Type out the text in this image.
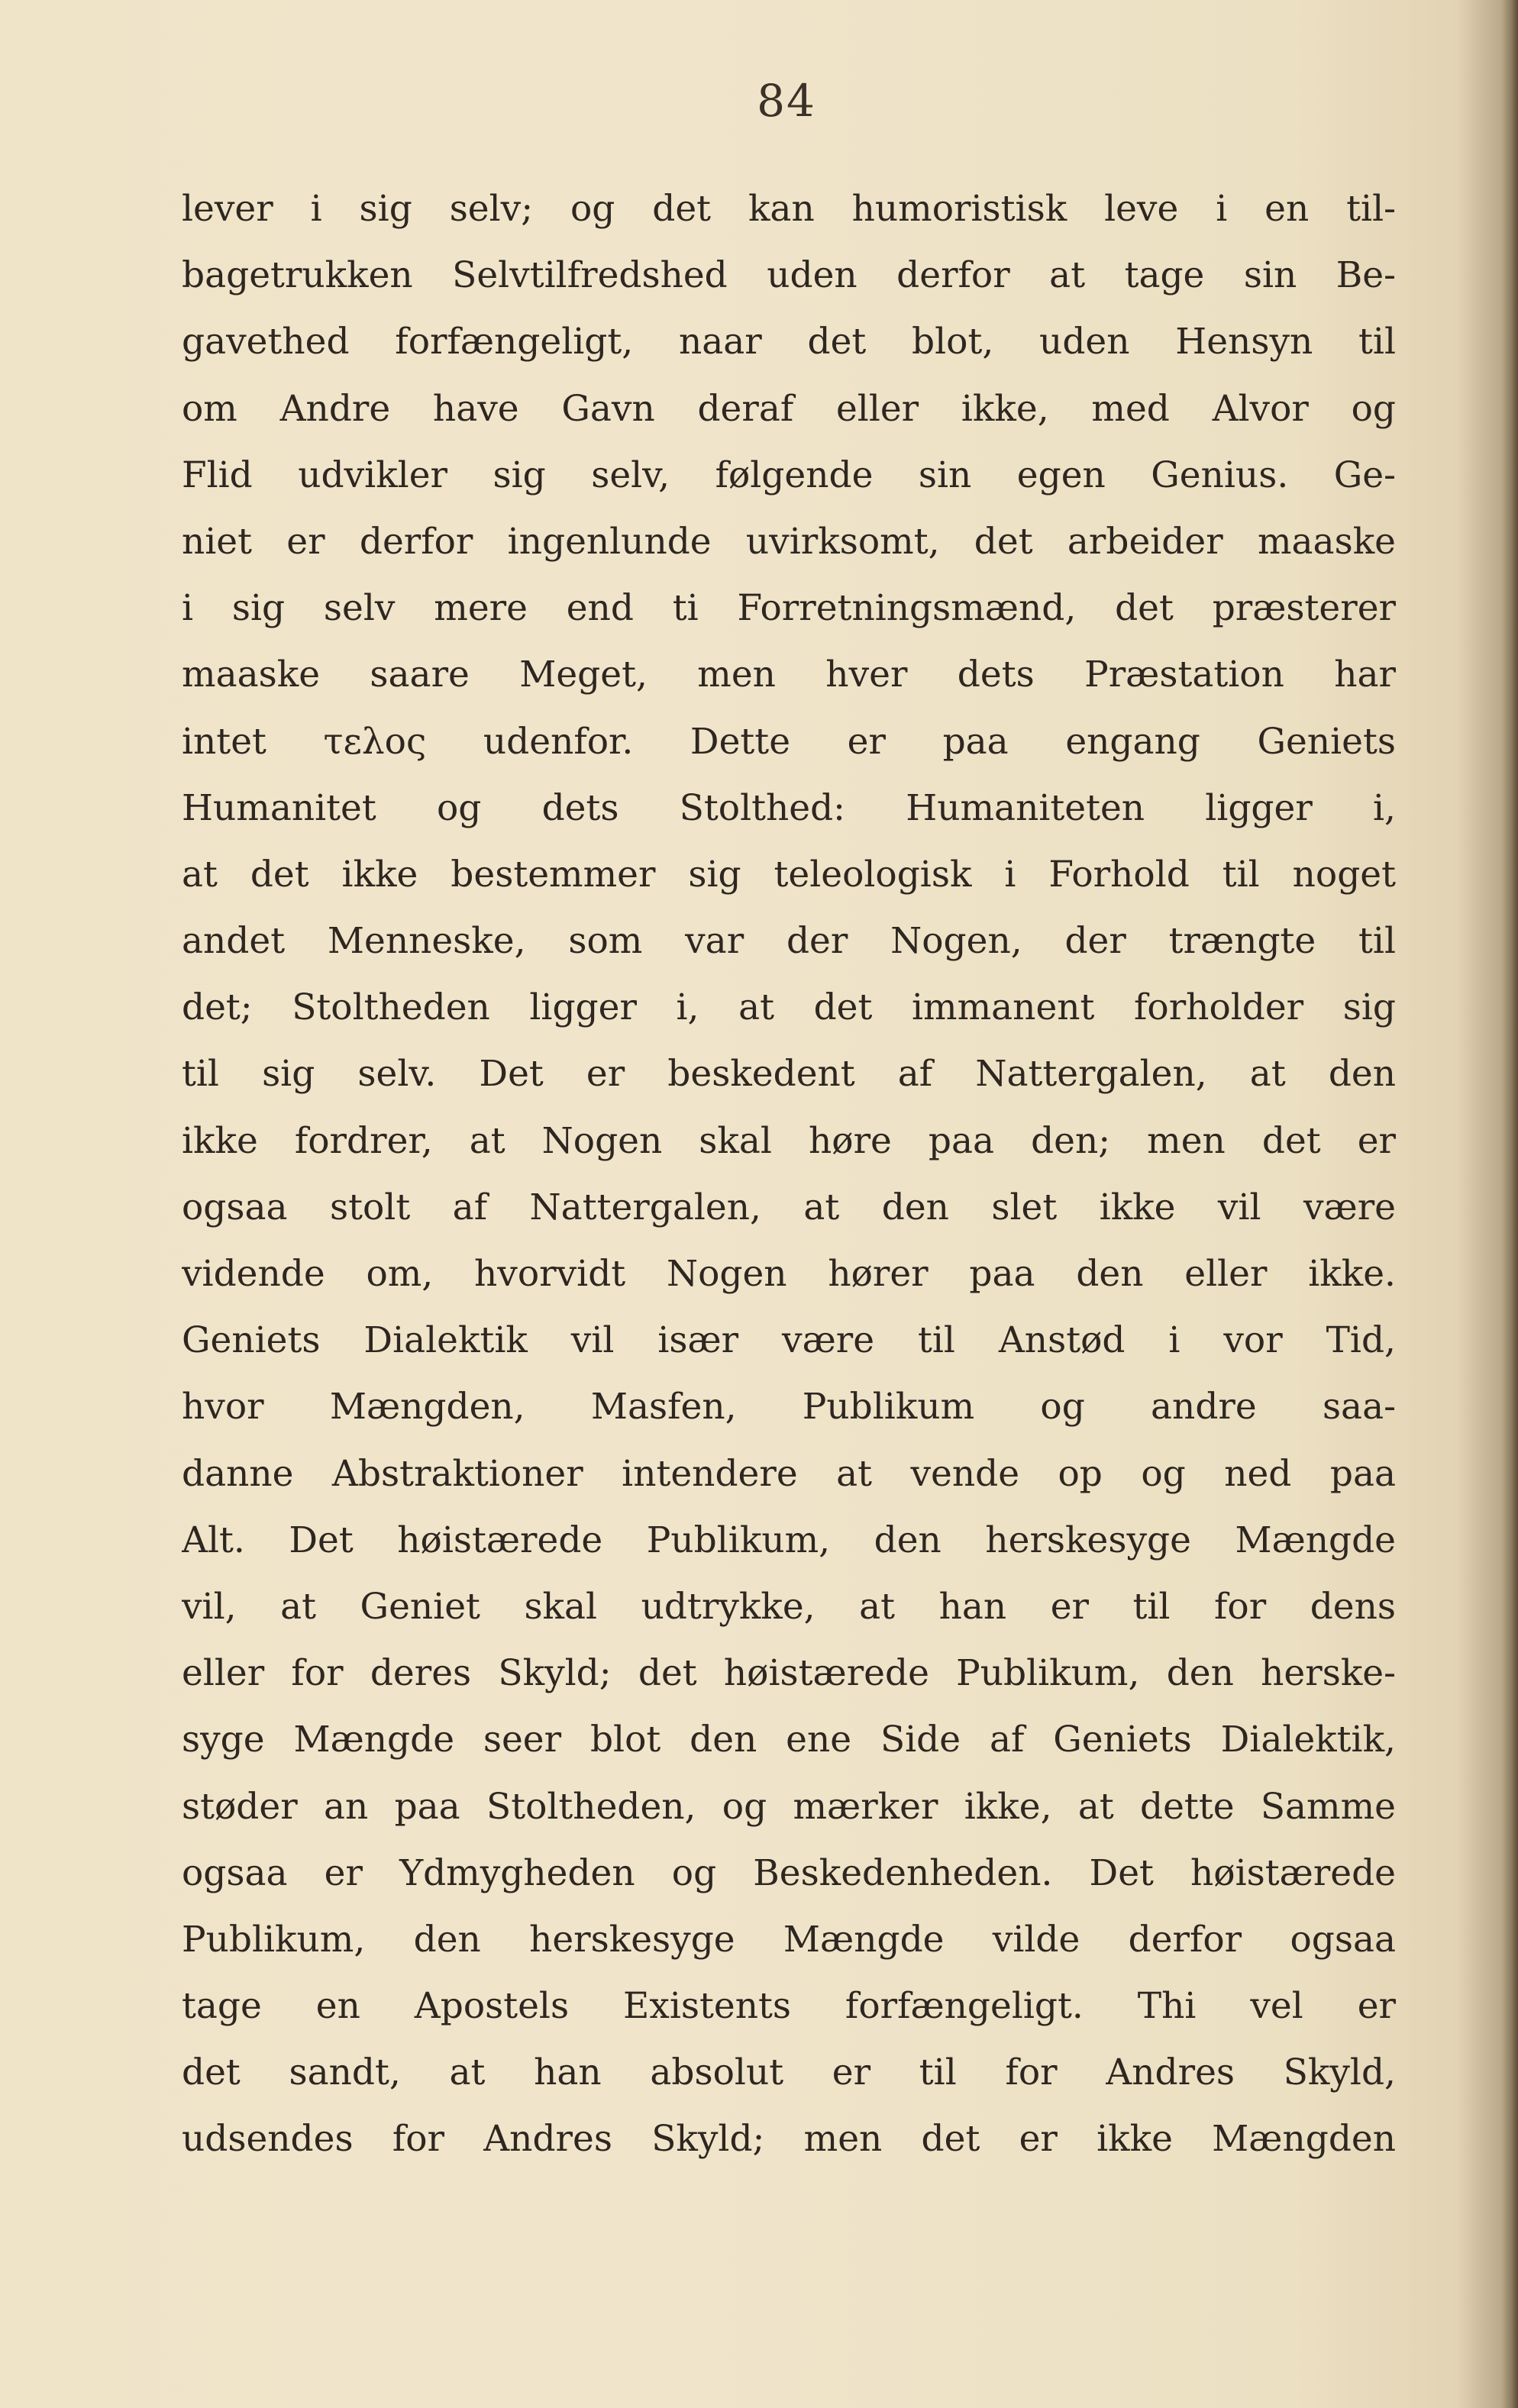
84
lever i sig selv; og det kan humoristisk leve i en til-
bagetrukken Selvtilfredshed uden derfor at tage sin Be-
gavethed forfængeligt, naar det blot, uden Hensyn til
om Andre have Gavn deraf eller ikke, med Alvor og
Flid udvikler sig selv, følgende sin egen Genius. Ge-
niet er derfor ingenlunde uvirksomt, det arbeider maaske
i sig selv mere end ti Forretningsmænd, det præsterer
maaske saare Meget, men hver dets Præstation har
intet τελος udenfor. Dette er paa engang Geniets
Humanitet og dets Stolthed: Humaniteten ligger i,
at det ikke bestemmer sig teleologisk i Forhold til noget
andet Menneske, som var der Nogen, der trængte til
det; Stoltheden ligger i, at det immanent forholder sig
til sig selv. Det er beskedent af Nattergalen, at den
ikke fordrer, at Nogen skal høre paa den; men det er
ogsaa stolt af Nattergalen, at den slet ikke vil være
vidende om, hvorvidt Nogen hører paa den eller ikke.
Geniets Dialektik vil især være til Anstød i vor Tid,
hvor Mængden, Masfen, Publikum og andre saa-
danne Abstraktioner intendere at vende op og ned paa
Alt. Det høistærede Publikum, den herskesyge Mængde
vil, at Geniet skal udtrykke, at han er til for dens
eller for deres Skyld; det høistærede Publikum, den herske-
syge Mængde seer blot den ene Side af Geniets Dialektik,
støder an paa Stoltheden, og mærker ikke, at dette Samme
ogsaa er Ydmygheden og Beskedenheden. Det høistærede
Publikum, den herskesyge Mængde vilde derfor ogsaa
tage en Apostels Existents forfængeligt. Thi vel er
det sandt, at han absolut er til for Andres Skyld,
udsendes for Andres Skyld; men det er ikke Mængden
